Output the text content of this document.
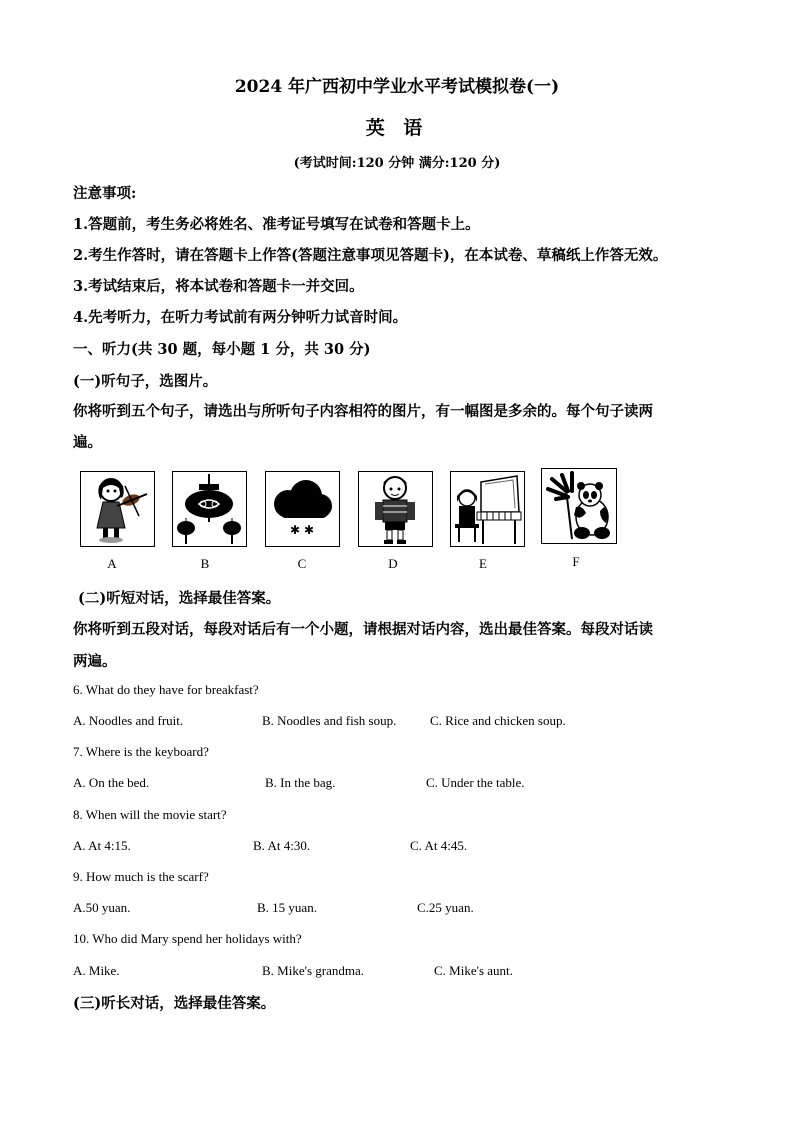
2024 年广西初中学业水平考试模拟卷(一)
英 语
(考试时间:120 分钟 满分:120 分)
注意事项:
1.答题前，考生务必将姓名、准考证号填写在试卷和答题卡上。
2.考生作答时，请在答题卡上作答(答题注意事项见答题卡)，在本试卷、草稿纸上作答无效。
3.考试结束后，将本试卷和答题卡一并交回。
4.先考听力，在听力考试前有两分钟听力试音时间。
一、听力(共 30 题，每小题 1 分，共 30 分)
(一)听句子，选图片。
你将听到五个句子，请选出与所听句子内容相符的图片，有一幅图是多余的。每个句子读两
遍。
✱ ✱
A	B	C	D	E	F
(二)听短对话，选择最佳答案。
你将听到五段对话，每段对话后有一个小题，请根据对话内容，选出最佳答案。每段对话读
两遍。
6. What do they have for breakfast?
A. Noodles and fruit.	B. Noodles and fish soup.	C. Rice and chicken soup.
7. Where is the keyboard?
A. On the bed.	B. In the bag.	C. Under the table.
8. When will the movie start?
A. At 4:15.	B. At 4:30.	C. At 4:45.
9. How much is the scarf?
A.50 yuan.	B. 15 yuan.	C.25 yuan.
10. Who did Mary spend her holidays with?
A. Mike.	B. Mike's grandma.	C. Mike's aunt.
(三)听长对话，选择最佳答案。
